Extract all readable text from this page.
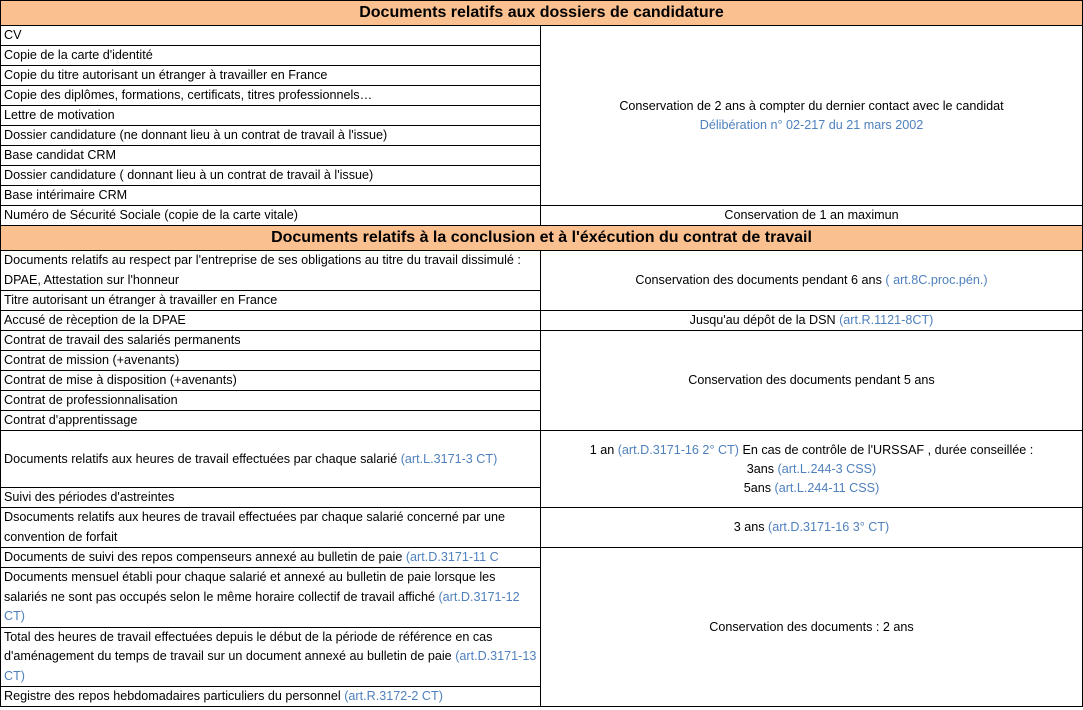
Documents relatifs aux dossiers de candidature	
CV	Conservation de 2 ans à compter du dernier contact avec le candidat
Délibération n° 02-217 du 21 mars 2002

Copie de la carte d'identité	
Copie du titre autorisant un étranger à travailler en France	
Copie des diplômes, formations, certificats, titres professionnels…	
Lettre de motivation	
Dossier candidature (ne donnant lieu à un contrat de travail à l'issue)	
Base candidat CRM	
Dossier candidature ( donnant lieu à un contrat de travail à l'issue)	
Base intérimaire CRM	
Numéro de Sécurité Sociale (copie de la carte vitale)	Conservation de 1 an maximun
Documents relatifs à la conclusion et à l'éxécution du contrat de travail	
Documents relatifs au respect par l'entreprise de ses obligations au titre du travail dissimulé : DPAE, Attestation sur l'honneur	Conservation des documents pendant 6 ans ( art.8C.proc.pén.)
Titre autorisant un étranger à travailler en France	
Accusé de rèception de la DPAE	Jusqu'au dépôt de la DSN (art.R.1121-8CT)
Contrat de travail des salariés permanents	Conservation des documents pendant 5 ans
Contrat de mission (+avenants)	
Contrat de mise à disposition (+avenants)	
Contrat de professionnalisation	
Contrat d'apprentissage	
Documents relatifs aux heures de travail effectuées par chaque salarié (art.L.3171-3 CT)	1 an (art.D.3171-16 2° CT) En cas de contrôle de l'URSSAF , durée conseillée :
3ans (art.L.244-3 CSS)
5ans (art.L.244-11 CSS)

Suivi des périodes d'astreintes	
Dsocuments relatifs aux heures de travail effectuées par chaque salarié concerné par une convention de forfait	3 ans (art.D.3171-16 3° CT)
Documents de suivi des repos compenseurs annexé au bulletin de paie (art.D.3171-11 C	Conservation des documents : 2 ans
Documents mensuel établi pour chaque salarié et annexé au bulletin de paie lorsque les salariés ne sont pas occupés selon le même horaire collectif de travail affiché (art.D.3171-12 CT)	
Total des heures de travail effectuées depuis le début de la période de référence en cas d'aménagement du temps de travail sur un document annexé au bulletin de paie (art.D.3171-13 CT)	
Registre des repos hebdomadaires particuliers du personnel (art.R.3172-2 CT)	
